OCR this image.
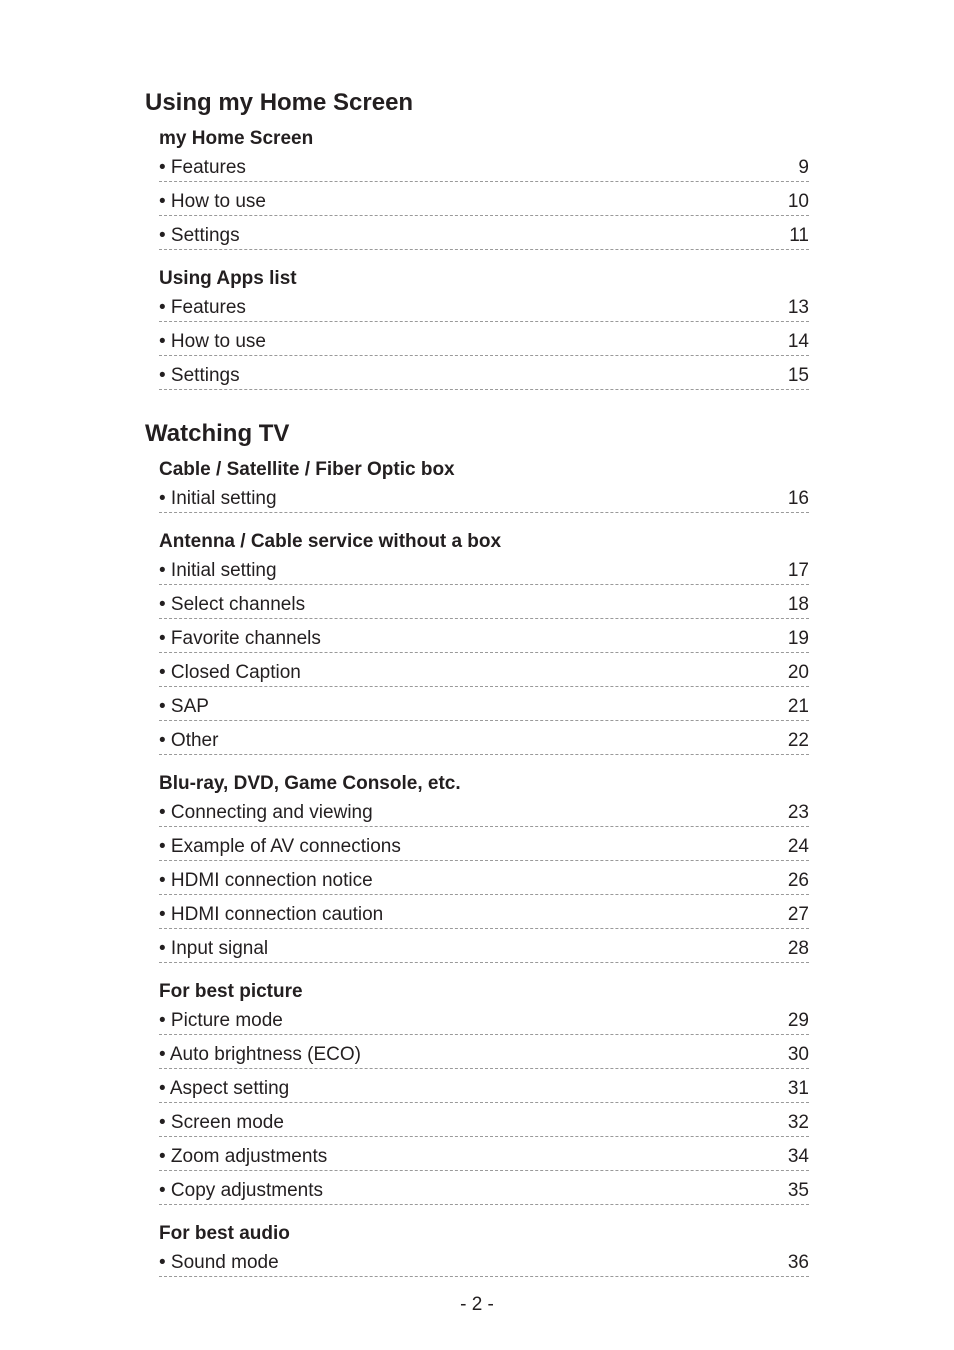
Using my Home Screen
my Home Screen
• Features	9
• How to use	10
• Settings	11
Using Apps list
• Features	13
• How to use	14
• Settings	15
Watching TV
Cable / Satellite / Fiber Optic box
• Initial setting	16
Antenna / Cable service without a box
• Initial setting	17
• Select channels	18
• Favorite channels	19
• Closed Caption	20
• SAP	21
• Other	22
Blu-ray, DVD, Game Console, etc.
• Connecting and viewing	23
• Example of AV connections	24
• HDMI connection notice	26
• HDMI connection caution	27
• Input signal	28
For best picture
• Picture mode	29
• Auto brightness (ECO)	30
• Aspect setting	31
• Screen mode	32
• Zoom adjustments	34
• Copy adjustments	35
For best audio
• Sound mode	36
- 2 -
